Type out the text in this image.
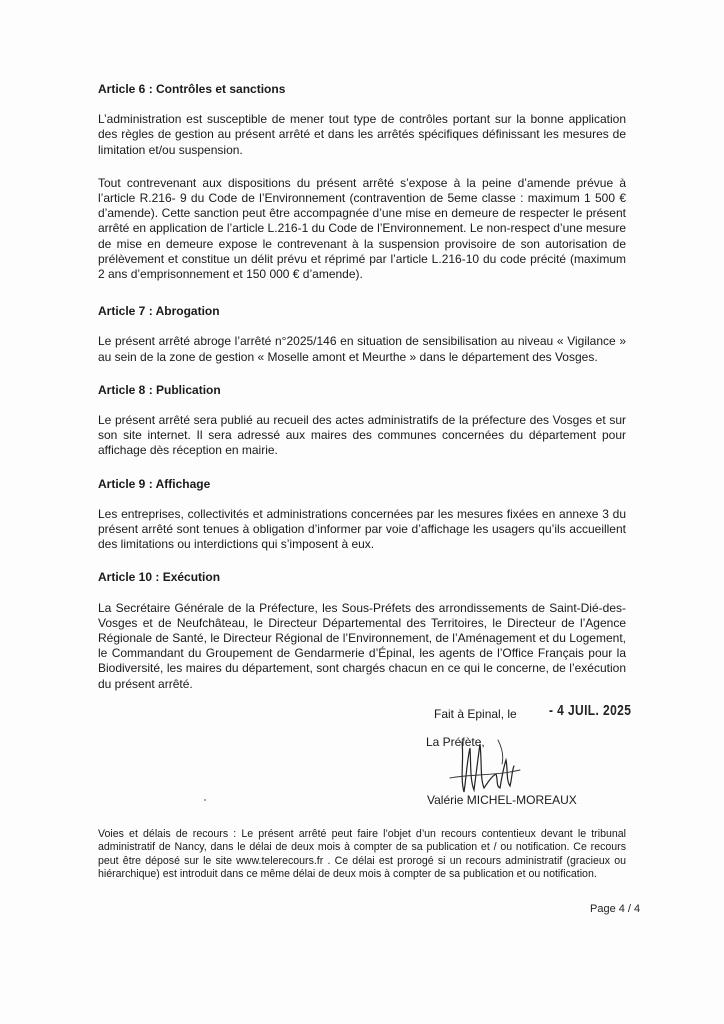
Article 6 : Contrôles et sanctions
L’administration est susceptible de mener tout type de contrôles portant sur la bonne application des règles de gestion au présent arrêté et dans les arrêtés spécifiques définissant les mesures de limitation et/ou suspension.
Tout contrevenant aux dispositions du présent arrêté s’expose à la peine d’amende prévue à l’article R.216- 9 du Code de l’Environnement (contravention de 5eme classe : maximum 1 500 € d’amende). Cette sanction peut être accompagnée d’une mise en demeure de respecter le présent arrêté en application de l’article L.216-1 du Code de l’Environnement. Le non-respect d’une mesure de mise en demeure expose le contrevenant à la suspension provisoire de son autorisation de prélèvement et constitue un délit prévu et réprimé par l’article L.216-10 du code précité (maximum 2 ans d’emprisonnement et 150 000 € d’amende).
Article 7 : Abrogation
Le présent arrêté abroge l’arrêté n°2025/146 en situation de sensibilisation au niveau « Vigilance » au sein de la zone de gestion « Moselle amont et Meurthe » dans le département des Vosges.
Article 8 : Publication
Le présent arrêté sera publié au recueil des actes administratifs de la préfecture des Vosges et sur son site internet. Il sera adressé aux maires des communes concernées du département pour affichage dès réception en mairie.
Article 9 : Affichage
Les entreprises, collectivités et administrations concernées par les mesures fixées en annexe 3 du présent arrêté sont tenues à obligation d’informer par voie d’affichage les usagers qu’ils accueillent des limitations ou interdictions qui s’imposent à eux.
Article 10 : Exécution
La Secrétaire Générale de la Préfecture, les Sous-Préfets des arrondissements de Saint-Dié-des-Vosges et de Neufchâteau, le Directeur Départemental des Territoires, le Directeur de l’Agence Régionale de Santé, le Directeur Régional de l’Environnement, de l’Aménagement et du Logement, le Commandant du Groupement de Gendarmerie d’Épinal, les agents de l’Office Français pour la Biodiversité, les maires du département, sont chargés chacun en ce qui le concerne, de l’exécution du présent arrêté.
Fait à Epinal, le - 4 JUIL. 2025
La Préfète,
Valérie MICHEL-MOREAUX
Voies et délais de recours : Le présent arrêté peut faire l’objet d’un recours contentieux devant le tribunal administratif de Nancy, dans le délai de deux mois à compter de sa publication et / ou notification. Ce recours peut être déposé sur le site www.telerecours.fr . Ce délai est prorogé si un recours administratif (gracieux ou hiérarchique) est introduit dans ce même délai de deux mois à compter de sa publication et ou notification.
Page 4 / 4
